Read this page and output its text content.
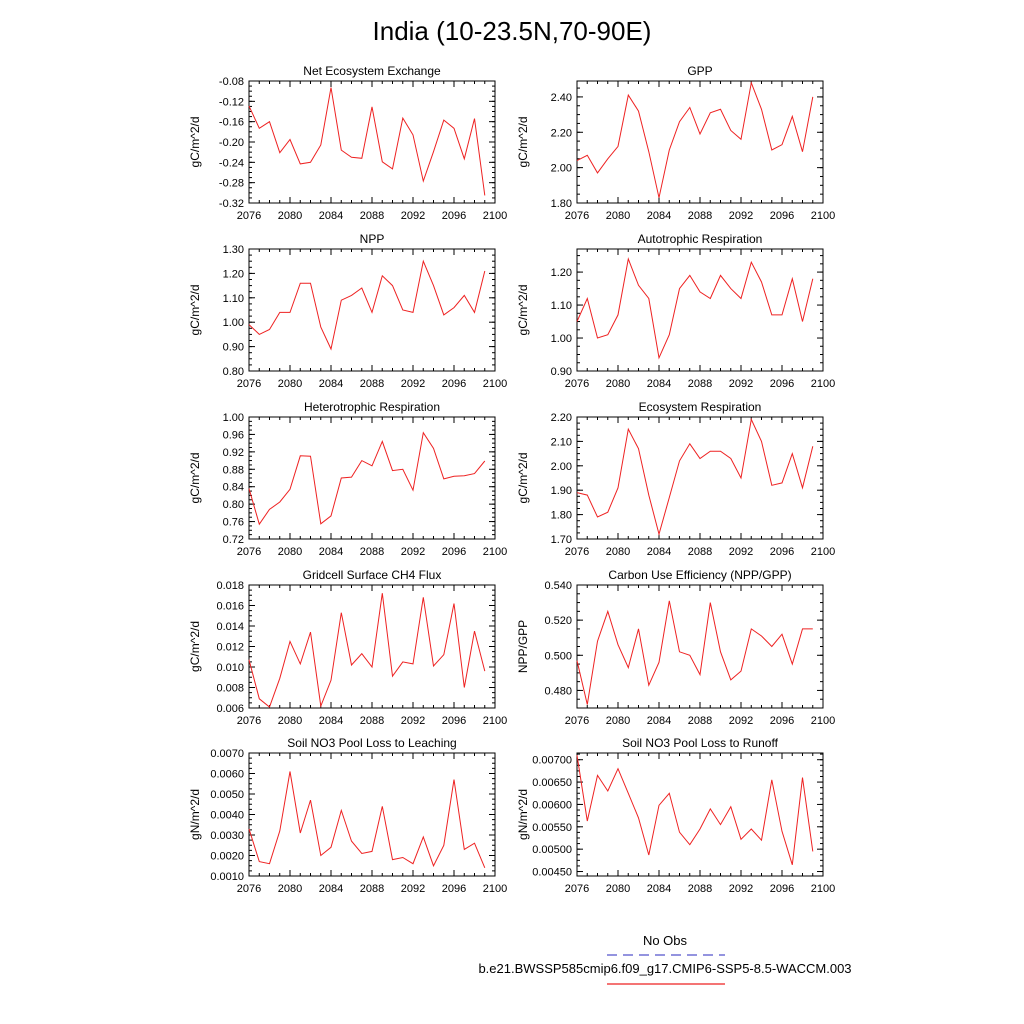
India (10-23.5N,70-90E)
Net Ecosystem Exchange
gC/m^2/d
2076 2080 2084 2088 2092 2096 2100
-0.32
-0.28
-0.24
-0.20
-0.16
-0.12
-0.08
GPP
gC/m^2/d
2076 2080 2084 2088 2092 2096 2100
1.80
2.00
2.20
2.40
NPP
gC/m^2/d
2076 2080 2084 2088 2092 2096 2100
0.80
0.90
1.00
1.10
1.20
1.30
Autotrophic Respiration
gC/m^2/d
2076 2080 2084 2088 2092 2096 2100
0.90
1.00
1.10
1.20
Heterotrophic Respiration
gC/m^2/d
2076 2080 2084 2088 2092 2096 2100
0.72
0.76
0.80
0.84
0.88
0.92
0.96
1.00
Ecosystem Respiration
gC/m^2/d
2076 2080 2084 2088 2092 2096 2100
1.70
1.80
1.90
2.00
2.10
2.20
Gridcell Surface CH4 Flux
gC/m^2/d
2076 2080 2084 2088 2092 2096 2100
0.006
0.008
0.010
0.012
0.014
0.016
0.018
Carbon Use Efficiency (NPP/GPP)
NPP/GPP
2076 2080 2084 2088 2092 2096 2100
0.480
0.500
0.520
0.540
Soil NO3 Pool Loss to Leaching
gN/m^2/d
2076 2080 2084 2088 2092 2096 2100
0.0010
0.0020
0.0030
0.0040
0.0050
0.0060
0.0070
Soil NO3 Pool Loss to Runoff
gN/m^2/d
2076 2080 2084 2088 2092 2096 2100
0.00450
0.00500
0.00550
0.00600
0.00650
0.00700
No Obs
b.e21.BWSSP585cmip6.f09_g17.CMIP6-SSP5-8.5-WACCM.003
